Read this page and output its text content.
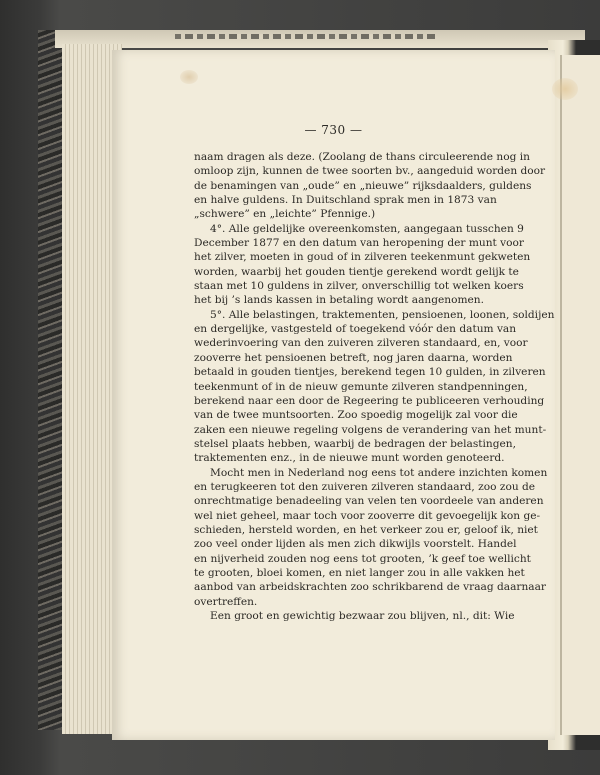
— 730 —

naam dragen als deze. (Zoolang de thans circuleerende nog in
omloop zijn, kunnen de twee soorten bv., aangeduid worden door
de benamingen van „oude” en „nieuwe” rijksdaalders, guldens
en halve guldens. In Duitschland sprak men in 1873 van
„schwere” en „leichte” Pfennige.)

4°. Alle geldelijke overeenkomsten, aangegaan tusschen 9
December 1877 en den datum van heropening der munt voor
het zilver, moeten in goud of in zilveren teekenmunt gekweten
worden, waarbij het gouden tientje gerekend wordt gelijk te
staan met 10 guldens in zilver, onverschillig tot welken koers
het bij ’s lands kassen in betaling wordt aangenomen.

5°. Alle belastingen, traktementen, pensioenen, loonen, soldijen
en dergelijke, vastgesteld of toegekend vóór den datum van
wederinvoering van den zuiveren zilveren standaard, en, voor
zooverre het pensioenen betreft, nog jaren daarna, worden
betaald in gouden tientjes, berekend tegen 10 gulden, in zilveren
teekenmunt of in de nieuw gemunte zilveren standpenningen,
berekend naar een door de Regeering te publiceeren verhouding
van de twee muntsoorten. Zoo spoedig mogelijk zal voor die
zaken een nieuwe regeling volgens de verandering van het munt-
stelsel plaats hebben, waarbij de bedragen der belastingen,
traktementen enz., in de nieuwe munt worden genoteerd.

Mocht men in Nederland nog eens tot andere inzichten komen
en terugkeeren tot den zuiveren zilveren standaard, zoo zou de
onrechtmatige benadeeling van velen ten voordeele van anderen
wel niet geheel, maar toch voor zooverre dit gevoegelijk kon ge-
schieden, hersteld worden, en het verkeer zou er, geloof ik, niet
zoo veel onder lijden als men zich dikwijls voorstelt. Handel
en nijverheid zouden nog eens tot grooten, ’k geef toe wellicht
te grooten, bloei komen, en niet langer zou in alle vakken het
aanbod van arbeidskrachten zoo schrikbarend de vraag daarnaar
overtreffen.

Een groot en gewichtig bezwaar zou blijven, nl., dit: Wie
